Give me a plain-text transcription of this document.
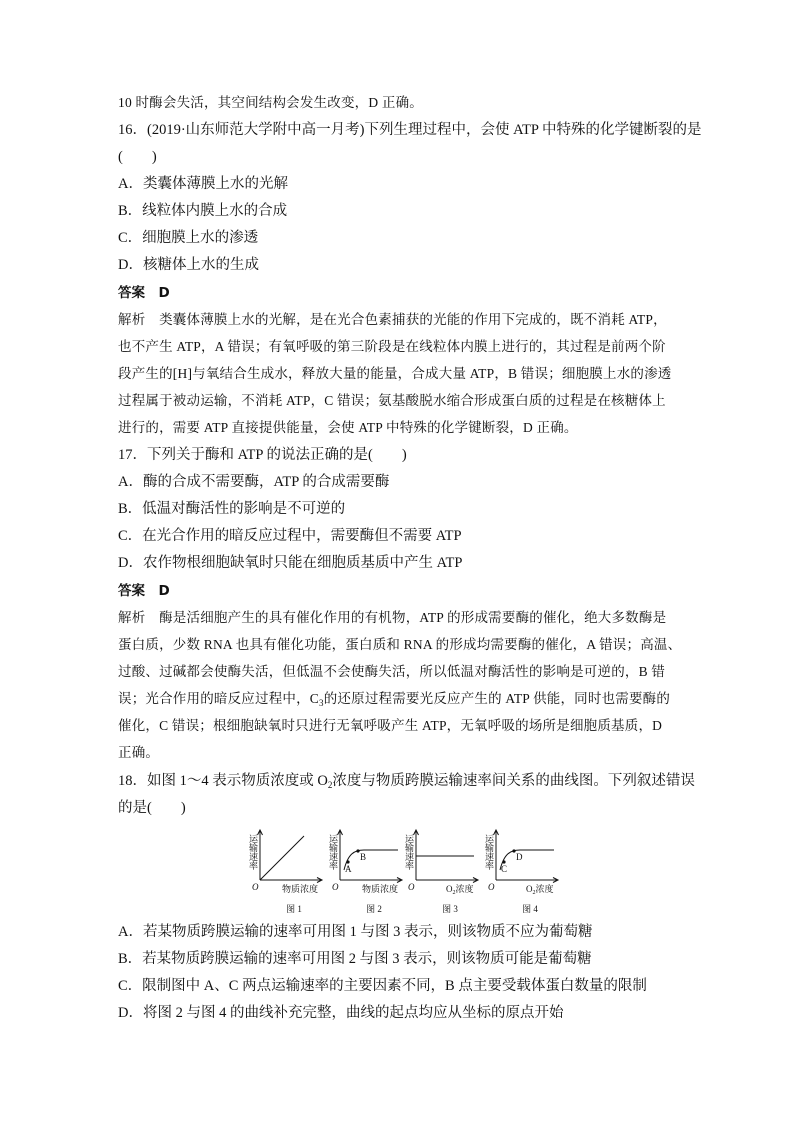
10 时酶会失活，其空间结构会发生改变，D 正确。
16．(2019·山东师范大学附中高一月考)下列生理过程中，会使 ATP 中特殊的化学键断裂的是
(　　)
A．类囊体薄膜上水的光解
B．线粒体内膜上水的合成
C．细胞膜上水的渗透
D．核糖体上水的生成
答案　D
解析　类囊体薄膜上水的光解，是在光合色素捕获的光能的作用下完成的，既不消耗 ATP，
也不产生 ATP，A 错误；有氧呼吸的第三阶段是在线粒体内膜上进行的，其过程是前两个阶
段产生的[H]与氧结合生成水，释放大量的能量，合成大量 ATP，B 错误；细胞膜上水的渗透
过程属于被动运输，不消耗 ATP，C 错误；氨基酸脱水缩合形成蛋白质的过程是在核糖体上
进行的，需要 ATP 直接提供能量，会使 ATP 中特殊的化学键断裂，D 正确。
17．下列关于酶和 ATP 的说法正确的是(　　)
A．酶的合成不需要酶，ATP 的合成需要酶
B．低温对酶活性的影响是不可逆的
C．在光合作用的暗反应过程中，需要酶但不需要 ATP
D．农作物根细胞缺氧时只能在细胞质基质中产生 ATP
答案　D
解析　酶是活细胞产生的具有催化作用的有机物，ATP 的形成需要酶的催化，绝大多数酶是
蛋白质，少数 RNA 也具有催化功能，蛋白质和 RNA 的形成均需要酶的催化，A 错误；高温、
过酸、过碱都会使酶失活，但低温不会使酶失活，所以低温对酶活性的影响是可逆的，B 错
误；光合作用的暗反应过程中，$C_3$的还原过程需要光反应产生的 ATP 供能，同时也需要酶的
催化，C 错误；根细胞缺氧时只进行无氧呼吸产生 ATP，无氧呼吸的场所是细胞质基质，D
正确。
18．如图 1～4 表示物质浓度或 $O_2$浓度与物质跨膜运输速率间关系的曲线图。下列叙述错误
的是(　　)
A．若某物质跨膜运输的速率可用图 1 与图 3 表示，则该物质不应为葡萄糖
B．若某物质跨膜运输的速率可用图 2 与图 3 表示，则该物质可能是葡萄糖
C．限制图中 A、C 两点运输速率的主要因素不同，B 点主要受载体蛋白数量的限制
D．将图 2 与图 4 的曲线补充完整，曲线的起点均应从坐标的原点开始
运输速率
O	物质浓度
图 1
运输速率
O	物质浓度
图 2
A
B	运输速率
O	$O_2$浓度
图 3
运输速率
O	$O_2$浓度
图 4
C
D
